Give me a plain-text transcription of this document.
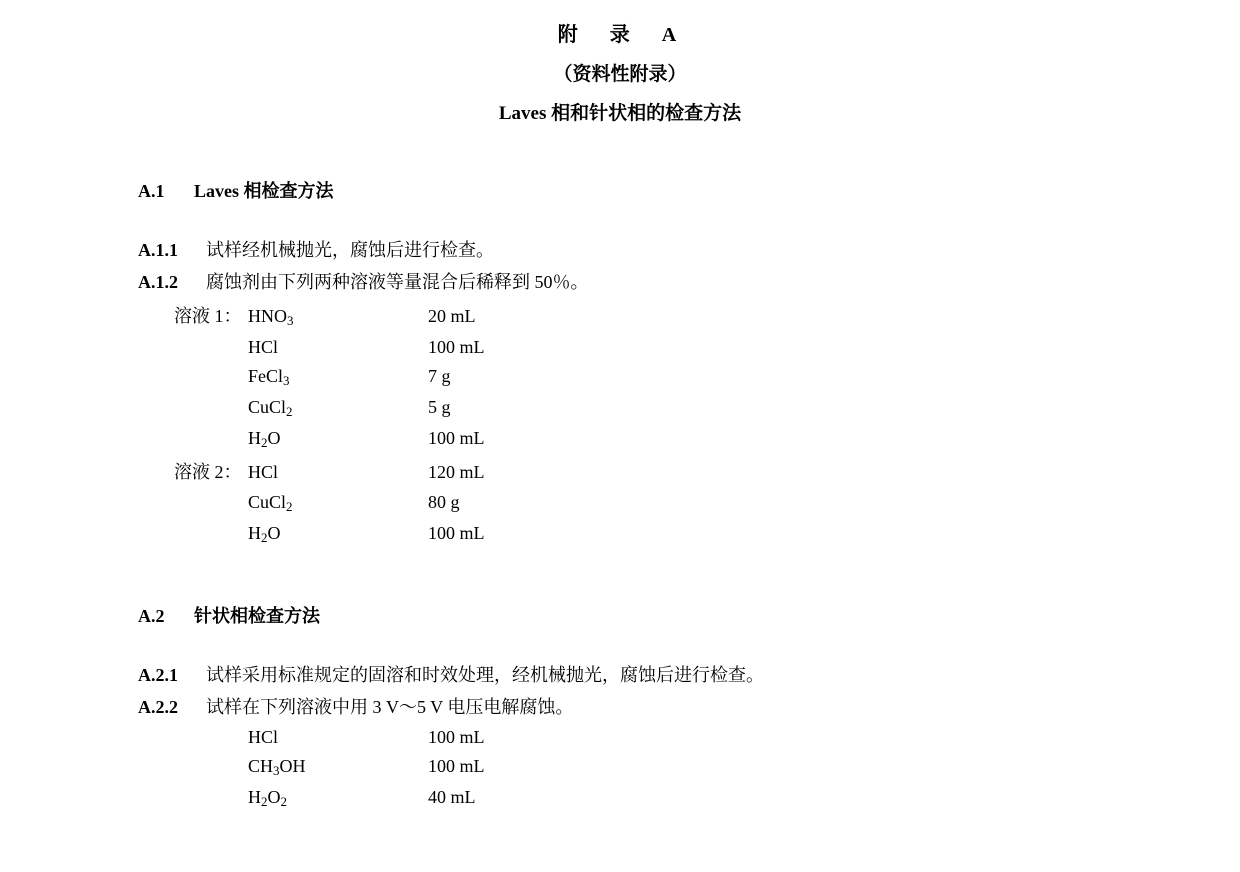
附　录　A
（资料性附录）
Laves 相和针状相的检查方法
A.1 Laves 相检查方法
A.1.1 试样经机械抛光，腐蚀后进行检查。
A.1.2 腐蚀剂由下列两种溶液等量混合后稀释到 50％。
溶液 1：	$HNO_3$	20 mL
	HCl	100 mL
	FeCl$_3$	7 g
	CuCl$_2$	5 g
	$H_2O$	100 mL
溶液 2：	HCl	120 mL
	CuCl$_2$	80 g
	$H_2O$	100 mL
A.2 针状相检查方法
A.2.1 试样采用标准规定的固溶和时效处理，经机械抛光，腐蚀后进行检查。
A.2.2 试样在下列溶液中用 3 V～5 V 电压电解腐蚀。
	HCl	100 mL
	$CH_3OH$	100 mL
	$H_2O_2$	40 mL
